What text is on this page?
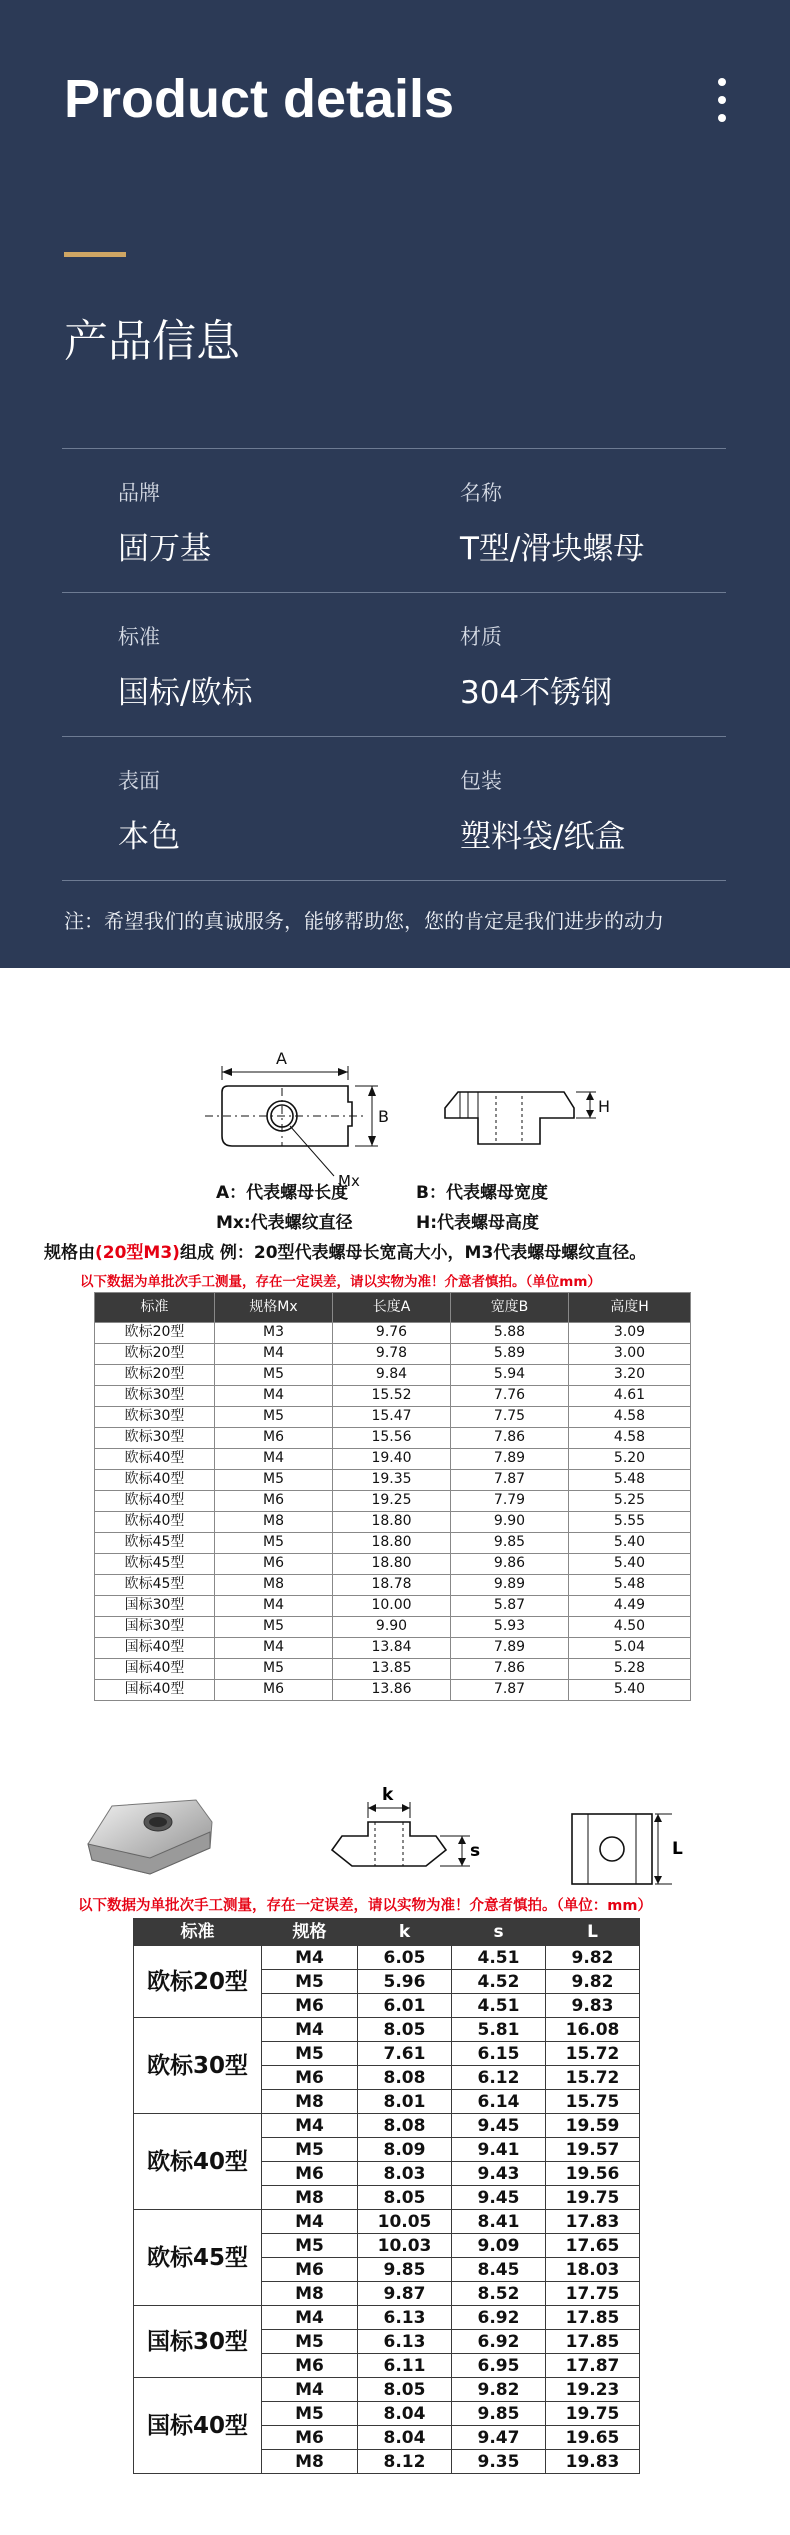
Product details
产品信息
品牌
固万基
名称
T型/滑块螺母
标准
国标/欧标
材质
304不锈钢
表面
本色
包装
塑料袋/纸盒
注：希望我们的真诚服务，能够帮助您，您的肯定是我们进步的动力
A
B
Mx
H
A：代表螺母长度	B：代表螺母宽度
Mx:代表螺纹直径	H:代表螺母高度
规格由(20型M3)组成 例：20型代表螺母长宽高大小，M3代表螺母螺纹直径。
以下数据为单批次手工测量，存在一定误差，请以实物为准！介意者慎拍。（单位mm）
标准	规格Mx	长度A	宽度B	高度H
欧标20型	M3	9.76	5.88	3.09
欧标20型	M4	9.78	5.89	3.00
欧标20型	M5	9.84	5.94	3.20
欧标30型	M4	15.52	7.76	4.61
欧标30型	M5	15.47	7.75	4.58
欧标30型	M6	15.56	7.86	4.58
欧标40型	M4	19.40	7.89	5.20
欧标40型	M5	19.35	7.87	5.48
欧标40型	M6	19.25	7.79	5.25
欧标40型	M8	18.80	9.90	5.55
欧标45型	M5	18.80	9.85	5.40
欧标45型	M6	18.80	9.86	5.40
欧标45型	M8	18.78	9.89	5.48
国标30型	M4	10.00	5.87	4.49
国标30型	M5	9.90	5.93	4.50
国标40型	M4	13.84	7.89	5.04
国标40型	M5	13.85	7.86	5.28
国标40型	M6	13.86	7.87	5.40
k
s	L
以下数据为单批次手工测量，存在一定误差，请以实物为准！介意者慎拍。（单位：mm）
标准	规格	k	s	L
欧标20型	M4	6.05	4.51	9.82
	M5	5.96	4.52	9.82
	M6	6.01	4.51	9.83
欧标30型	M4	8.05	5.81	16.08
	M5	7.61	6.15	15.72
	M6	8.08	6.12	15.72
	M8	8.01	6.14	15.75
欧标40型	M4	8.08	9.45	19.59
	M5	8.09	9.41	19.57
	M6	8.03	9.43	19.56
	M8	8.05	9.45	19.75
欧标45型	M4	10.05	8.41	17.83
	M5	10.03	9.09	17.65
	M6	9.85	8.45	18.03
	M8	9.87	8.52	17.75
国标30型	M4	6.13	6.92	17.85
	M5	6.13	6.92	17.85
	M6	6.11	6.95	17.87
国标40型	M4	8.05	9.82	19.23
	M5	8.04	9.85	19.75
	M6	8.04	9.47	19.65
	M8	8.12	9.35	19.83
